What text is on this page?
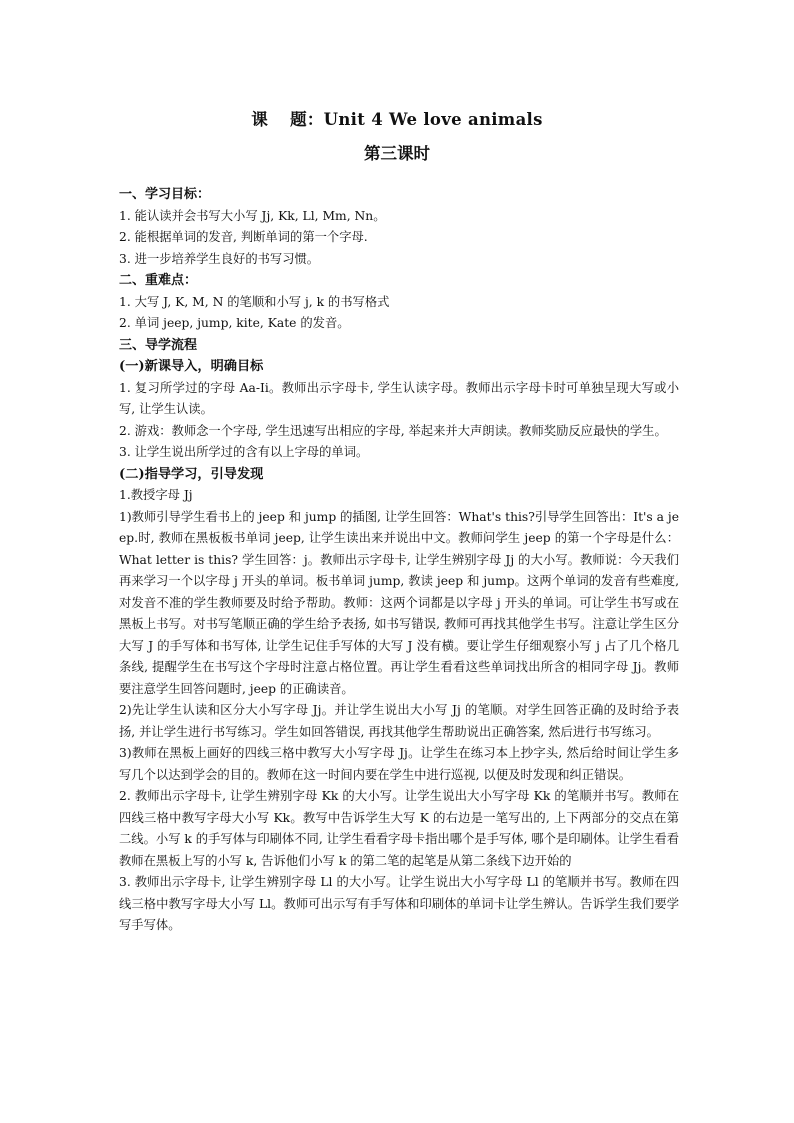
课 题：Unit 4 We love animals
第三课时

一、学习目标：

1. 能认读并会书写大小写 Jj, Kk, Ll, Mm, Nn。

2. 能根据单词的发音, 判断单词的第一个字母.

3. 进一步培养学生良好的书写习惯。

二、重难点：

1. 大写 J, K, M, N 的笔顺和小写 j, k 的书写格式

2. 单词 jeep, jump, kite, Kate 的发音。

三、导学流程

(一)新课导入，明确目标

1. 复习所学过的字母 Aa-Ii。教师出示字母卡, 学生认读字母。教师出示字母卡时可单独呈现大写或小写, 让学生认读。

2. 游戏：教师念一个字母, 学生迅速写出相应的字母, 举起来并大声朗读。教师奖励反应最快的学生。

3. 让学生说出所学过的含有以上字母的单词。

(二)指导学习，引导发现

1.教授字母 Jj

1)教师引导学生看书上的 jeep 和 jump 的插图, 让学生回答：What's this?引导学生回答出：It's a jeep.时, 教师在黑板板书单词 jeep, 让学生读出来并说出中文。教师问学生 jeep 的第一个字母是什么：What letter is this? 学生回答：j。教师出示字母卡, 让学生辨别字母 Jj 的大小写。教师说：今天我们再来学习一个以字母 j 开头的单词。板书单词 jump, 教读 jeep 和 jump。这两个单词的发音有些难度, 对发音不准的学生教师要及时给予帮助。教师：这两个词都是以字母 j 开头的单词。可让学生书写或在黑板上书写。对书写笔顺正确的学生给予表扬, 如书写错误, 教师可再找其他学生书写。注意让学生区分大写 J 的手写体和书写体, 让学生记住手写体的大写 J 没有横。要让学生仔细观察小写 j 占了几个格几条线, 提醒学生在书写这个字母时注意占格位置。再让学生看看这些单词找出所含的相同字母 Jj。教师要注意学生回答问题时, jeep 的正确读音。

2)先让学生认读和区分大小写字母 Jj。并让学生说出大小写 Jj 的笔顺。对学生回答正确的及时给予表扬, 并让学生进行书写练习。学生如回答错误, 再找其他学生帮助说出正确答案, 然后进行书写练习。

3)教师在黑板上画好的四线三格中教写大小写字母 Jj。让学生在练习本上抄字头, 然后给时间让学生多写几个以达到学会的目的。教师在这一时间内要在学生中进行巡视, 以便及时发现和纠正错误。

2. 教师出示字母卡, 让学生辨别字母 Kk 的大小写。让学生说出大小写字母 Kk 的笔顺并书写。教师在四线三格中教写字母大小写 Kk。教写中告诉学生大写 K 的右边是一笔写出的, 上下两部分的交点在第二线。小写 k 的手写体与印刷体不同, 让学生看看字母卡指出哪个是手写体, 哪个是印刷体。让学生看看教师在黑板上写的小写 k, 告诉他们小写 k 的第二笔的起笔是从第二条线下边开始的

3. 教师出示字母卡, 让学生辨别字母 Ll 的大小写。让学生说出大小写字母 Ll 的笔顺并书写。教师在四线三格中教写字母大小写 Ll。教师可出示写有手写体和印刷体的单词卡让学生辨认。告诉学生我们要学写手写体。
